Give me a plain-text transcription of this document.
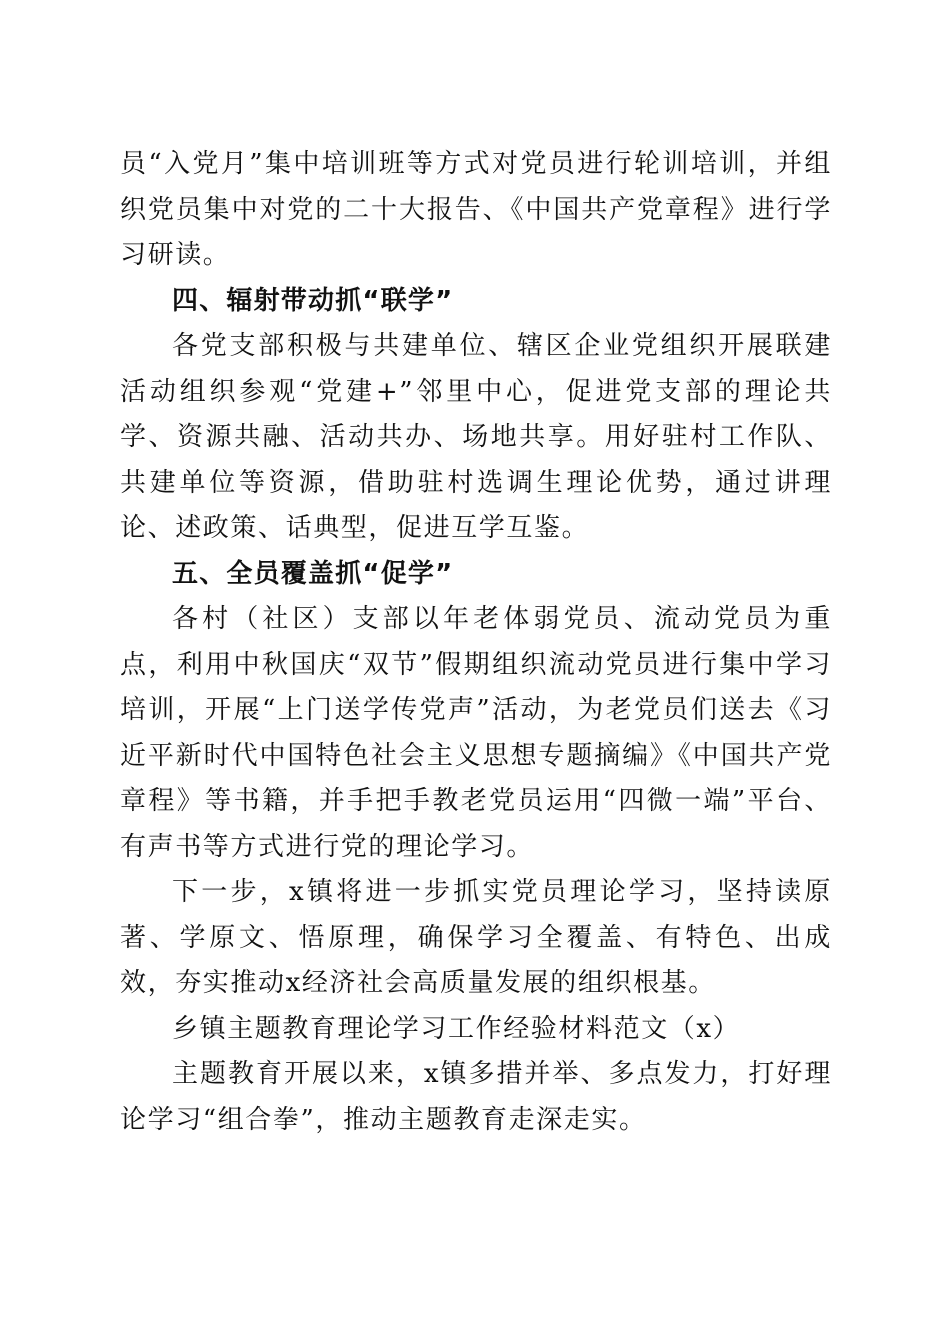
员“入党月”集中培训班等方式对党员进行轮训培训，并组织党员集中对党的二十大报告、《中国共产党章程》进行学习研读。

四、辐射带动抓“联学”

各党支部积极与共建单位、辖区企业党组织开展联建活动组织参观“党建+”邻里中心，促进党支部的理论共学、资源共融、活动共办、场地共享。用好驻村工作队、共建单位等资源，借助驻村选调生理论优势，通过讲理论、述政策、话典型，促进互学互鉴。

五、全员覆盖抓“促学”

各村（社区）支部以年老体弱党员、流动党员为重点，利用中秋国庆“双节”假期组织流动党员进行集中学习培训，开展“上门送学传党声”活动，为老党员们送去《习近平新时代中国特色社会主义思想专题摘编》《中国共产党章程》等书籍，并手把手教老党员运用“四微一端”平台、有声书等方式进行党的理论学习。

下一步，x镇将进一步抓实党员理论学习，坚持读原著、学原文、悟原理，确保学习全覆盖、有特色、出成效，夯实推动x经济社会高质量发展的组织根基。

乡镇主题教育理论学习工作经验材料范文（x）

主题教育开展以来，x镇多措并举、多点发力，打好理论学习“组合拳”，推动主题教育走深走实。
